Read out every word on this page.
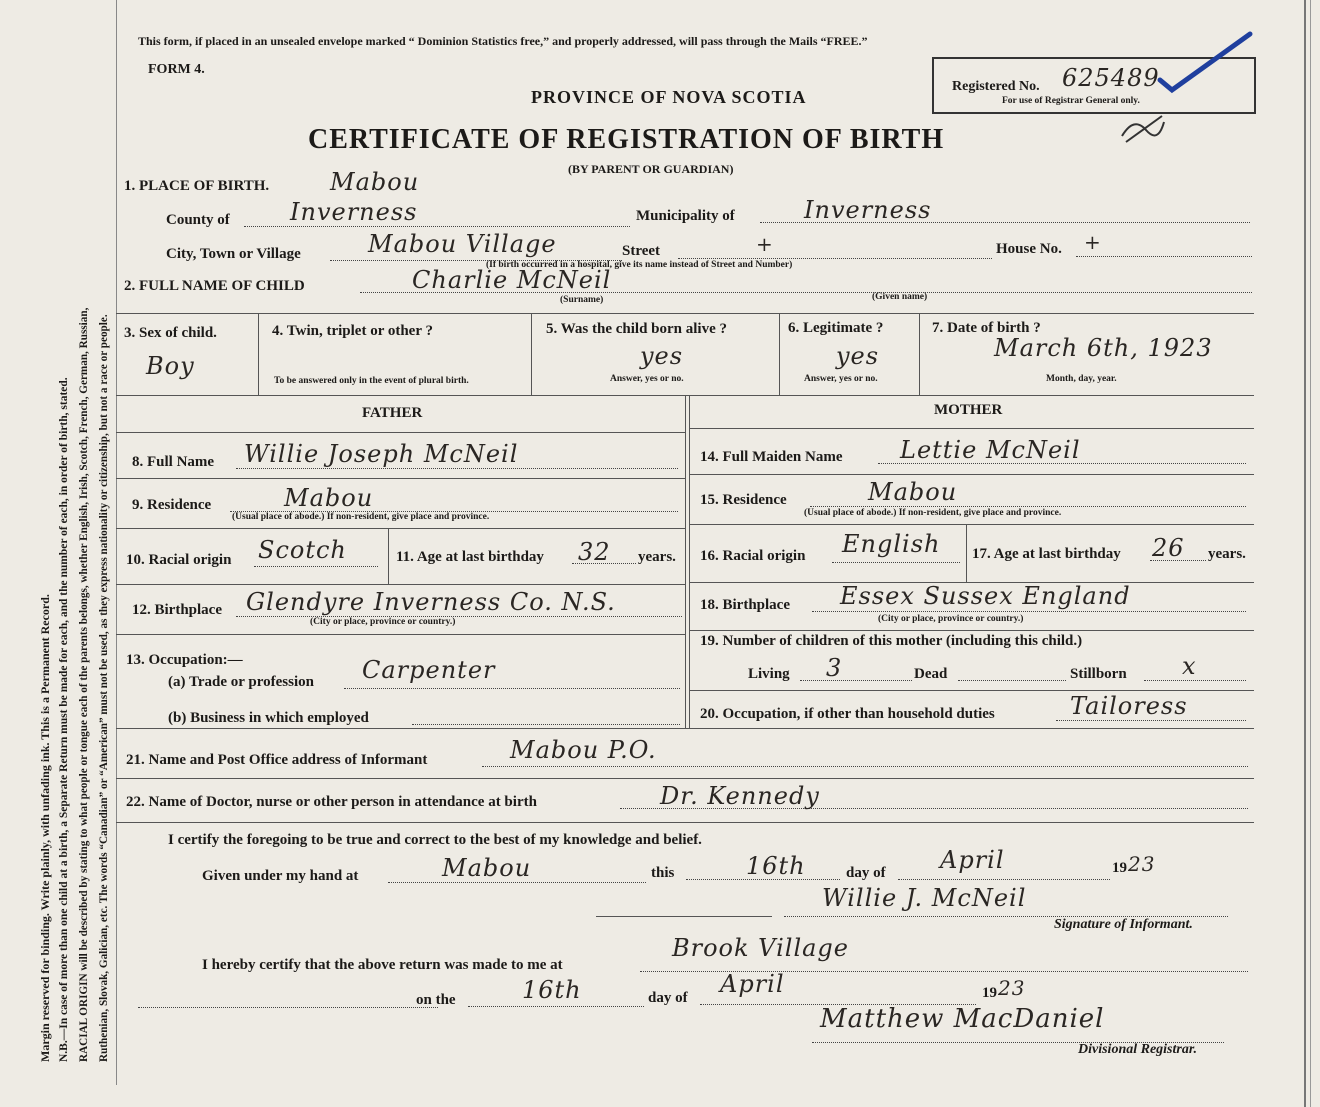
Margin reserved for binding. Write plainly, with unfading ink. This is a Permanent Record. N.B.—In case of more than one child at a birth, a Separate Return must be made for each, and the number of each, in order of birth, stated. RACIAL ORIGIN will be described by stating to what people or tongue each of the parents belongs, whether English, Irish, Scotch, French, German, Russian, Ruthenian, Slovak, Galician, etc. The words “Canadian” or “American” must not be used, as they express nationality or citizenship, but not a race or people.
This form, if placed in an unsealed envelope marked “ Dominion Statistics free,” and properly addressed, will pass through the Mails “FREE.”
FORM 4.
PROVINCE OF NOVA SCOTIA
CERTIFICATE OF REGISTRATION OF BIRTH
(BY PARENT OR GUARDIAN)
Registered No. 625489
For use of Registrar General only.
1. PLACE OF BIRTH.	Mabou
County of	Inverness	Municipality of	Inverness
City, Town or Village	Mabou Village	Street	+	House No. +
(If birth occurred in a hospital, give its name instead of Street and Number)
2. FULL NAME OF CHILD	Charlie McNeil
(Surname)	(Given name)
3. Sex of child.
Boy
4. Twin, triplet or other ?
To be answered only in the event of plural birth.
5. Was the child born alive ?
yes
Answer, yes or no.
6. Legitimate ?
yes
Answer, yes or no.
7. Date of birth ?
March 6th, 1923
Month, day, year.
FATHER	MOTHER
8. Full Name Willie Joseph McNeil	14. Full Maiden Name Lettie McNeil
9. Residence	Mabou
(Usual place of abode.) If non-resident, give place and province.
15. Residence	Mabou
(Usual place of abode.) If non-resident, give place and province.
10. Racial origin Scotch	11. Age at last birthday 32 years. 16. Racial origin English 17. Age at last birthday 26 years.
12. Birthplace Glendyre Inverness Co. N.S.
(City or place, province or country.)
18. Birthplace Essex Sussex England
(City or place, province or country.)
13. Occupation:—
(a) Trade or profession Carpenter
(b) Business in which employed
19. Number of children of this mother (including this child.)
Living 3	Dead	Stillborn x
20. Occupation, if other than household duties	Tailoress
21. Name and Post Office address of Informant	Mabou P.O.
22. Name of Doctor, nurse or other person in attendance at birth	Dr. Kennedy
I certify the foregoing to be true and correct to the best of my knowledge and belief.
Given under my hand at	Mabou	this	16th	day of April	19 23
Willie J. McNeil
Signature of Informant.
I hereby certify that the above return was made to me at
Brook Village
on the	16th	day of April	19 23
Matthew MacDaniel
Divisional Registrar.
